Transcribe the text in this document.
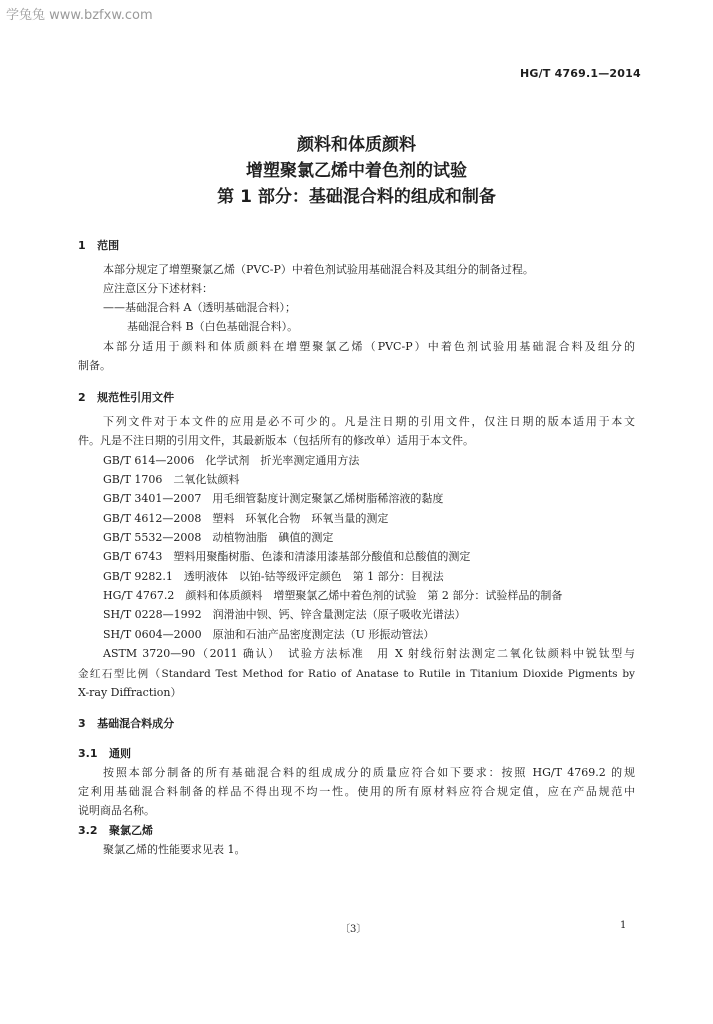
学兔兔 www.bzfxw.com
HG/T 4769.1—2014
颜料和体质颜料
增塑聚氯乙烯中着色剂的试验
第 1 部分：基础混合料的组成和制备
1 范围
本部分规定了增塑聚氯乙烯（PVC-P）中着色剂试验用基础混合料及其组分的制备过程。
应注意区分下述材料：
——基础混合料 A（透明基础混合料）；
基础混合料 B（白色基础混合料）。
本部分适用于颜料和体质颜料在增塑聚氯乙烯（PVC-P）中着色剂试验用基础混合料及组分的
制备。
2 规范性引用文件
下列文件对于本文件的应用是必不可少的。凡是注日期的引用文件，仅注日期的版本适用于本文
件。凡是不注日期的引用文件，其最新版本（包括所有的修改单）适用于本文件。
GB/T 614—2006　化学试剂　折光率测定通用方法
GB/T 1706　二氧化钛颜料
GB/T 3401—2007　用毛细管黏度计测定聚氯乙烯树脂稀溶液的黏度
GB/T 4612—2008　塑料　环氧化合物　环氧当量的测定
GB/T 5532—2008　动植物油脂　碘值的测定
GB/T 6743　塑料用聚酯树脂、色漆和清漆用漆基部分酸值和总酸值的测定
GB/T 9282.1　透明液体　以铂-钴等级评定颜色　第 1 部分：目视法
HG/T 4767.2　颜料和体质颜料　增塑聚氯乙烯中着色剂的试验　第 2 部分：试验样品的制备
SH/T 0228—1992　润滑油中钡、钙、锌含量测定法（原子吸收光谱法）
SH/T 0604—2000　原油和石油产品密度测定法（U 形振动管法）
ASTM 3720—90（2011 确认）　试验方法标准　用 X 射线衍射法测定二氧化钛颜料中锐钛型与
金红石型比例（Standard Test Method for Ratio of Anatase to Rutile in Titanium Dioxide Pigments by
X-ray Diffraction）
3 基础混合料成分
3.1 通则
按照本部分制备的所有基础混合料的组成成分的质量应符合如下要求：按照 HG/T 4769.2 的规
定利用基础混合料制备的样品不得出现不均一性。使用的所有原材料应符合规定值，应在产品规范中
说明商品名称。
3.2 聚氯乙烯
聚氯乙烯的性能要求见表 1。
〔3〕	1
